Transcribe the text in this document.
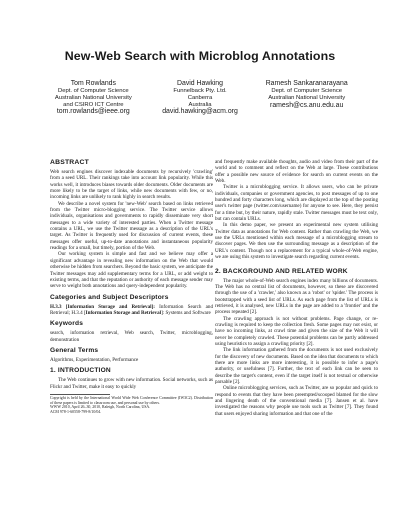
New-Web Search with Microblog Annotations
Tom Rowlands
Dept. of Computer Science
Australian National University
and CSIRO ICT Centre
tom.rowlands@ieee.org
David Hawking
Funnelback Pty. Ltd.
Canberra
Australia
david.hawking@acm.org
Ramesh Sankaranarayana
Dept. of Computer Science
Australian National University
ramesh@cs.anu.edu.au
ABSTRACT

Web search engines discover indexable documents by recursively 'crawling' from a seed URL. Their rankings take into account link popularity. While this works well, it introduces biases towards older documents. Older documents are more likely to be the target of links, while new documents with few, or no, incoming links are unlikely to rank highly in search results.

We describe a novel system for 'new-Web' search based on links retrieved from the Twitter micro-blogging service. The Twitter service allows individuals, organisations and governments to rapidly disseminate very short messages to a wide variety of interested parties. When a Twitter message contains a URL, we use the Twitter message as a description of the URL's target. As Twitter is frequently used for discussion of current events, these messages offer useful, up-to-date annotations and instantaneous popularity readings for a small, but timely, portion of the Web.

Our working system is simple and fast and we believe may offer a significant advantage in revealing new information on the Web that would otherwise be hidden from searchers. Beyond the basic system, we anticipate the Twitter messages may add supplementary terms for a URL, or add weight to existing terms, and that the reputation or authority of each message sender may serve to weight both annotations and query-independent popularity.

Categories and Subject Descriptors

H.3.3 [Information Storage and Retrieval]: Information Search and Retrieval; H.3.4 [Information Storage and Retrieval]: Systems and Software

Keywords

search, information retrieval, Web search, Twitter, microblogging, demonstration

General Terms

Algorithms, Experimentation, Performance

1. INTRODUCTION

The Web continues to grow with new information. Social networks, such as Flickr and Twitter, make it easy to quickly

Copyright is held by the International World Wide Web Conference Committee (IW3C2). Distribution of these papers is limited to classroom use, and personal use by others.
WWW 2010, April 26–30, 2010, Raleigh, North Carolina, USA.
ACM 978-1-60558-799-8/10/04.

and frequently make available thoughts, audio and video from their part of the world and to comment and reflect on the Web at large. These contributions offer a possible new source of evidence for search on current events on the Web.

Twitter is a microblogging service. It allows users, who can be private individuals, companies or government agencies, to post messages of up to one hundred and forty characters long, which are displayed at the top of the posting user's twitter page (twitter.com/username) for anyone to see. Here, they persist for a time but, by their nature, rapidly stale. Twitter messages must be text only, but can contain URLs.

In this demo paper, we present an experimental new system utilising Twitter data as annotations for Web content. Rather than crawling the Web, we use the URLs mentioned within each message of a microblogging stream to discover pages. We then use the surrounding message as a description of the URL's content. Though not a replacement for a typical whole-of-Web engine, we are using this system to investigate search regarding current events.

2. BACKGROUND AND RELATED WORK

The major whole-of-Web search engines index many billions of documents. The Web has no central list of documents, however, so these are discovered through the use of a 'crawler,' also known as a 'robot' or 'spider.' The process is bootstrapped with a seed list of URLs. As each page from the list of URLs is retrieved, it is analysed, new URLs in the page are added to a 'frontier' and the process repeated [2].

The crawling approach is not without problems. Page change, or re-crawling is required to keep the collection fresh. Some pages may not exist, or have no incoming links, at crawl time and given the size of the Web it will never be completely crawled. These potential problems can be partly addressed using heuristics to assign a crawling priority [2].

The link information gathered from the documents is not used exclusively for the discovery of new documents. Based on the idea that documents to which there are more links are more interesting, it is possible to infer a page's authority, or usefulness [7]. Further, the text of each link can be seen to describe the target's content, even if the target itself is not textual or otherwise parsable [2].

Online microblogging services, such as Twitter, are so popular and quick to respond to events that they have been preempted/scooped blamed for the slow and lingering death of the conventional media [7]. Jansen et al. have investigated the reasons why people use tools such as Twitter [7]. They found that users enjoyed sharing information and that one of the
